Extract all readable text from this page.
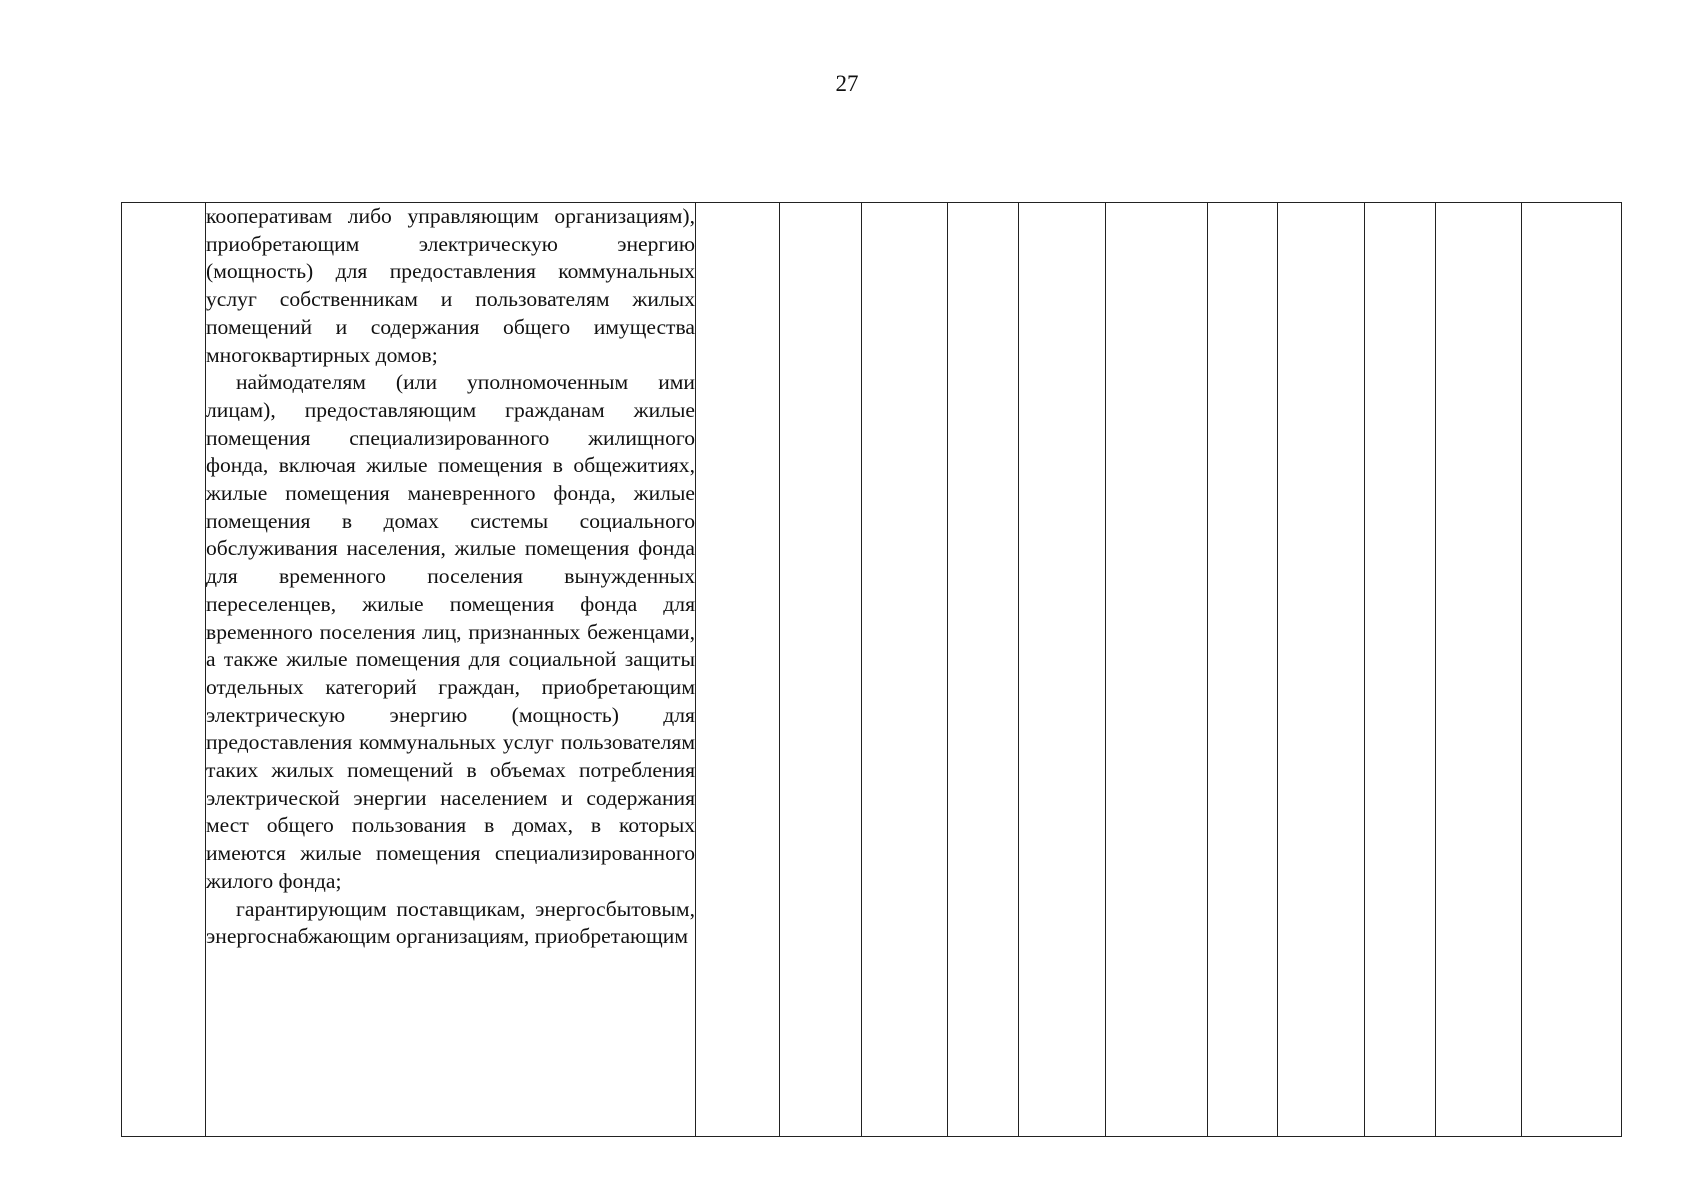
27

кооперативам либо управляющим организациям), приобретающим электрическую энергию (мощность) для предоставления коммунальных услуг собственникам и пользователям жилых помещений и содержания общего имущества многоквартирных домов;

наймодателям (или уполномоченным ими лицам), предоставляющим гражданам жилые помещения специализированного жилищного фонда, включая жилые помещения в общежитиях, жилые помещения маневренного фонда, жилые помещения в домах системы социального обслуживания населения, жилые помещения фонда для временного поселения вынужденных переселенцев, жилые помещения фонда для временного поселения лиц, признанных беженцами, а также жилые помещения для социальной защиты отдельных категорий граждан, приобретающим электрическую энергию (мощность) для предоставления коммунальных услуг пользователям таких жилых помещений в объемах потребления электрической энергии населением и содержания мест общего пользования в домах, в которых имеются жилые помещения специализированного жилого фонда;

гарантирующим поставщикам, энергосбытовым, энергоснабжающим организациям, приобретающим
